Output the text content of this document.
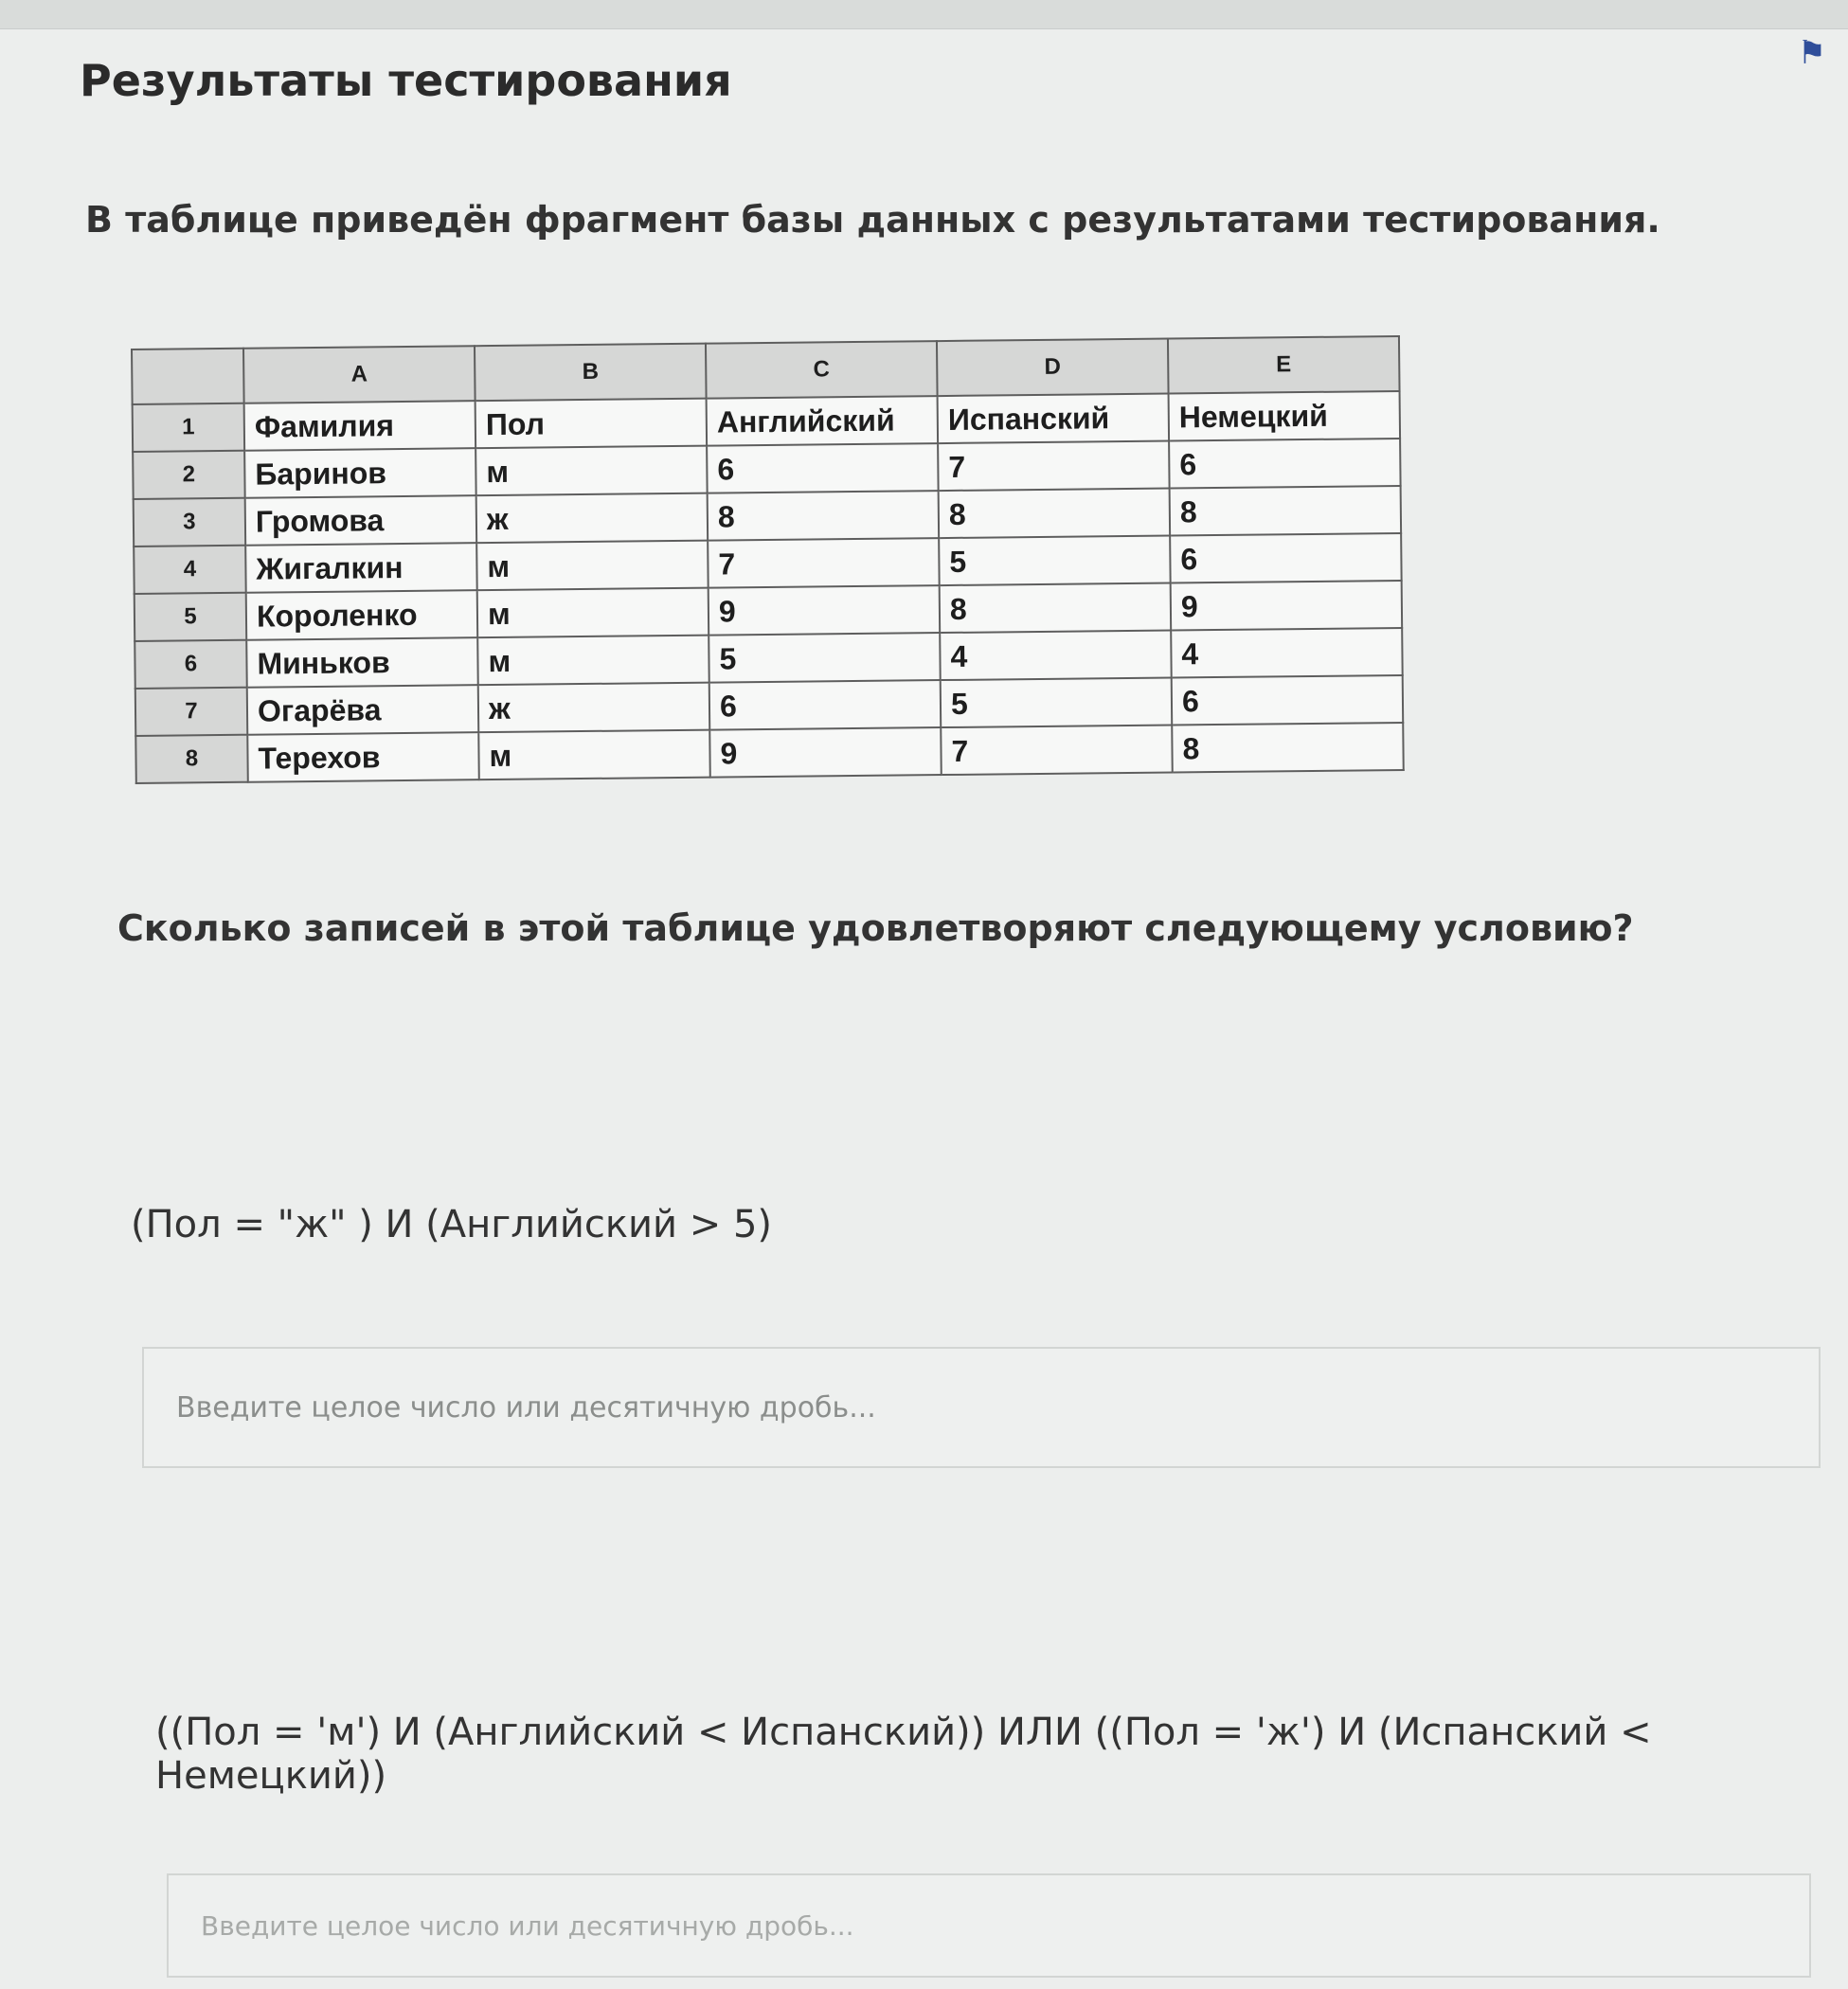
⚑
Результаты тестирования
В таблице приведён фрагмент базы данных с результатами тестирования.
	A	B	C	D	E
1	Фамилия	Пол	Английский	Испанский	Немецкий
2	Баринов	м	6	7	6
3	Громова	ж	8	8	8
4	Жигалкин	м	7	5	6
5	Короленко	м	9	8	9
6	Миньков	м	5	4	4
7	Огарёва	ж	6	5	6
8	Терехов	м	9	7	8
Сколько записей в этой таблице удовлетворяют следующему условию?
(Пол = "ж" ) И (Английский > 5)
Введите целое число или десятичную дробь...
((Пол = 'м') И (Английский < Испанский)) ИЛИ ((Пол = 'ж') И (Испанский < Немецкий))
Введите целое число или десятичную дробь...
